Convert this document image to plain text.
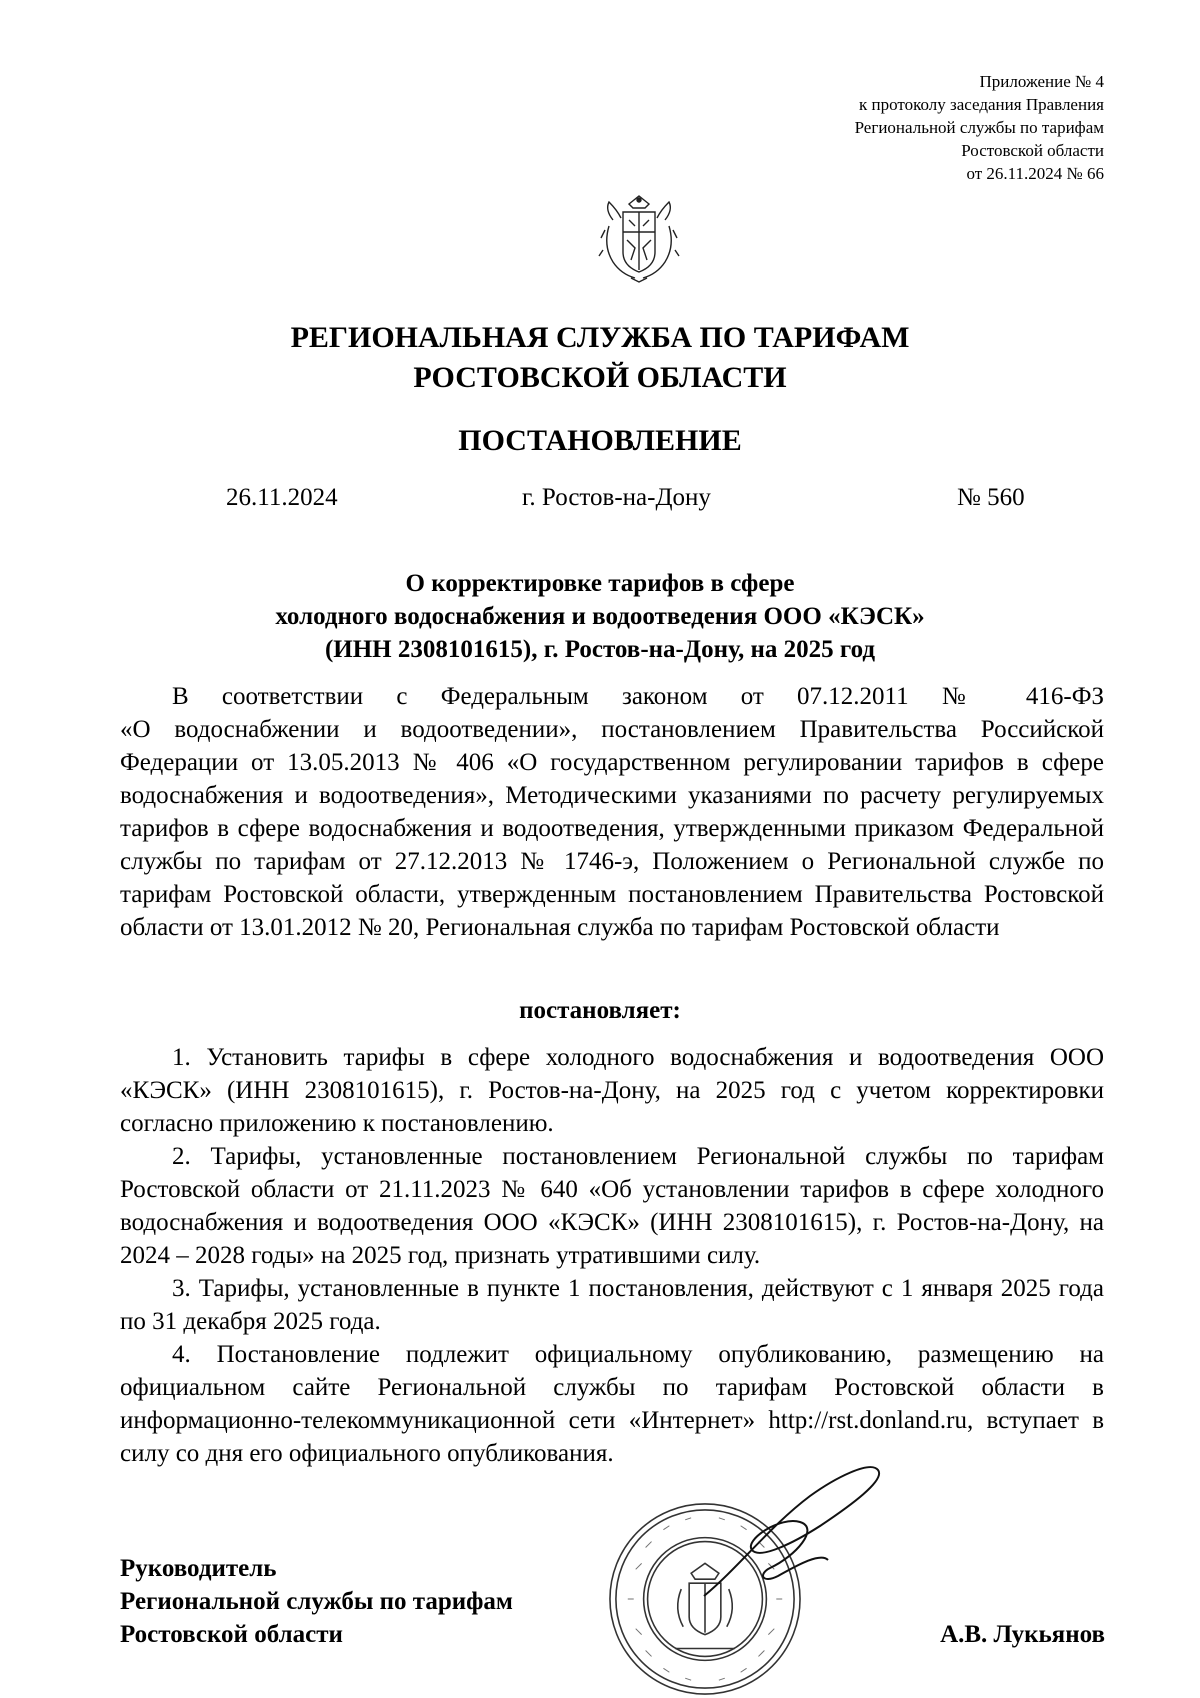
Приложение № 4
к протоколу заседания Правления
Региональной службы по тарифам
Ростовской области
от 26.11.2024 № 66
РЕГИОНАЛЬНАЯ СЛУЖБА ПО ТАРИФАМ
РОСТОВСКОЙ ОБЛАСТИ
ПОСТАНОВЛЕНИЕ
26.11.2024	г. Ростов-на-Дону	№ 560
О корректировке тарифов в сфере
холодного водоснабжения и водоотведения ООО «КЭСК»
(ИНН 2308101615), г. Ростов-на-Дону, на 2025 год

В соответствии с Федеральным законом от 07.12.2011 № 416-ФЗ

«О водоснабжении и водоотведении», постановлением Правительства Российской Федерации от 13.05.2013 № 406 «О государственном регулировании тарифов в сфере водоснабжения и водоотведения», Методическими указаниями по расчету регулируемых тарифов в сфере водоснабжения и водоотведения, утвержденными приказом Федеральной службы по тарифам от 27.12.2013 № 1746-э, Положением о Региональной службе по тарифам Ростовской области, утвержденным постановлением Правительства Ростовской области от 13.01.2012 № 20, Региональная служба по тарифам Ростовской области

постановляет:

1. Установить тарифы в сфере холодного водоснабжения и водоотведения ООО «КЭСК» (ИНН 2308101615), г. Ростов-на-Дону, на 2025 год с учетом корректировки согласно приложению к постановлению.

2. Тарифы, установленные постановлением Региональной службы по тарифам Ростовской области от 21.11.2023 № 640 «Об установлении тарифов в сфере холодного водоснабжения и водоотведения ООО «КЭСК» (ИНН 2308101615), г. Ростов-на-Дону, на 2024 – 2028 годы» на 2025 год, признать утратившими силу.

3. Тарифы, установленные в пункте 1 постановления, действуют с 1 января 2025 года по 31 декабря 2025 года.

4. Постановление подлежит официальному опубликованию, размещению на официальном сайте Региональной службы по тарифам Ростовской области в информационно-телекоммуникационной сети «Интернет» http://rst.donland.ru, вступает в силу со дня его официального опубликования.

Руководитель
Региональной службы по тарифам
Ростовской области	А.В. Лукьянов
